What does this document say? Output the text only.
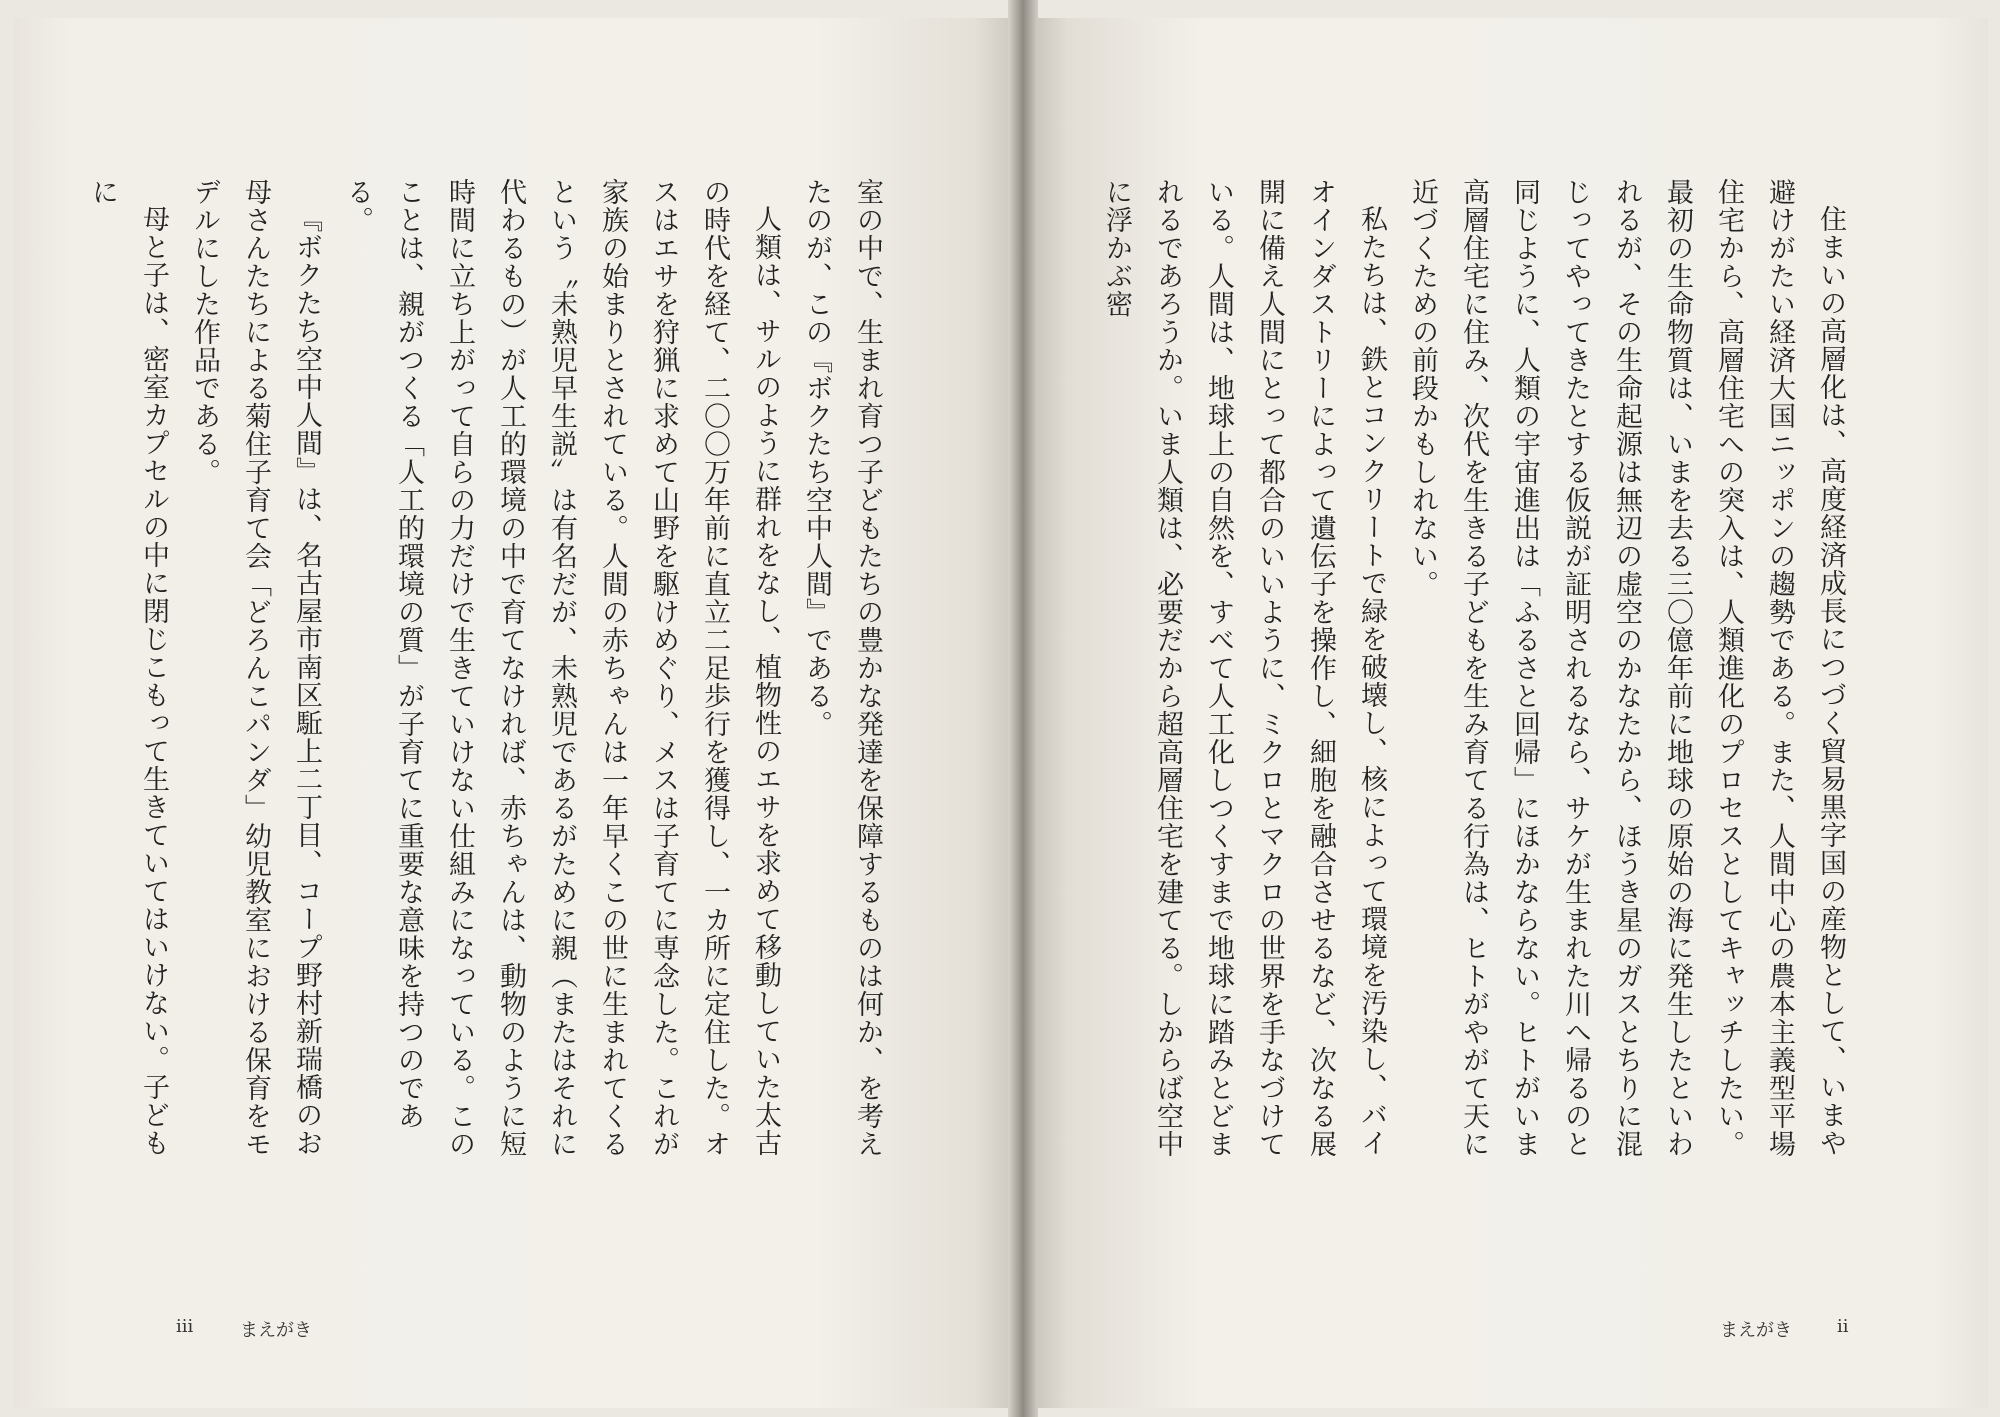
室の中で、生まれ育つ子どもたちの豊かな発達を保障するものは何か、を考えたのが、この『ボクたち空中人間』である。

人類は、サルのように群れをなし、植物性のエサを求めて移動していた太古の時代を経て、二〇〇万年前に直立二足歩行を獲得し、一カ所に定住した。オスはエサを狩猟に求めて山野を駆けめぐり、メスは子育てに専念した。これが家族の始まりとされている。人間の赤ちゃんは一年早くこの世に生まれてくるという〝未熟児早生説〟は有名だが、未熟児であるがために親（またはそれに代わるもの）が人工的環境の中で育てなければ、赤ちゃんは、動物のように短時間に立ち上がって自らの力だけで生きていけない仕組みになっている。このことは、親がつくる「人工的環境の質」が子育てに重要な意味を持つのである。

『ボクたち空中人間』は、名古屋市南区駈上二丁目、コープ野村新瑞橋のお母さんたちによる菊住子育て会「どろんこパンダ」幼児教室における保育をモデルにした作品である。

母と子は、密室カプセルの中に閉じこもって生きていてはいけない。子どもに

住まいの高層化は、高度経済成長につづく貿易黒字国の産物として、いまや避けがたい経済大国ニッポンの趨勢である。また、人間中心の農本主義型平場住宅から、高層住宅への突入は、人類進化のプロセスとしてキャッチしたい。最初の生命物質は、いまを去る三〇億年前に地球の原始の海に発生したといわれるが、その生命起源は無辺の虚空のかなたから、ほうき星のガスとちりに混じってやってきたとする仮説が証明されるなら、サケが生まれた川へ帰るのと同じように、人類の宇宙進出は「ふるさと回帰」にほかならない。ヒトがいま高層住宅に住み、次代を生きる子どもを生み育てる行為は、ヒトがやがて天に近づくための前段かもしれない。

私たちは、鉄とコンクリートで緑を破壊し、核によって環境を汚染し、バイオインダストリーによって遺伝子を操作し、細胞を融合させるなど、次なる展開に備え人間にとって都合のいいように、ミクロとマクロの世界を手なづけている。人間は、地球上の自然を、すべて人工化しつくすまで地球に踏みとどまれるであろうか。いま人類は、必要だから超高層住宅を建てる。しからば空中に浮かぶ密

iii	まえがき	まえがき	ii
